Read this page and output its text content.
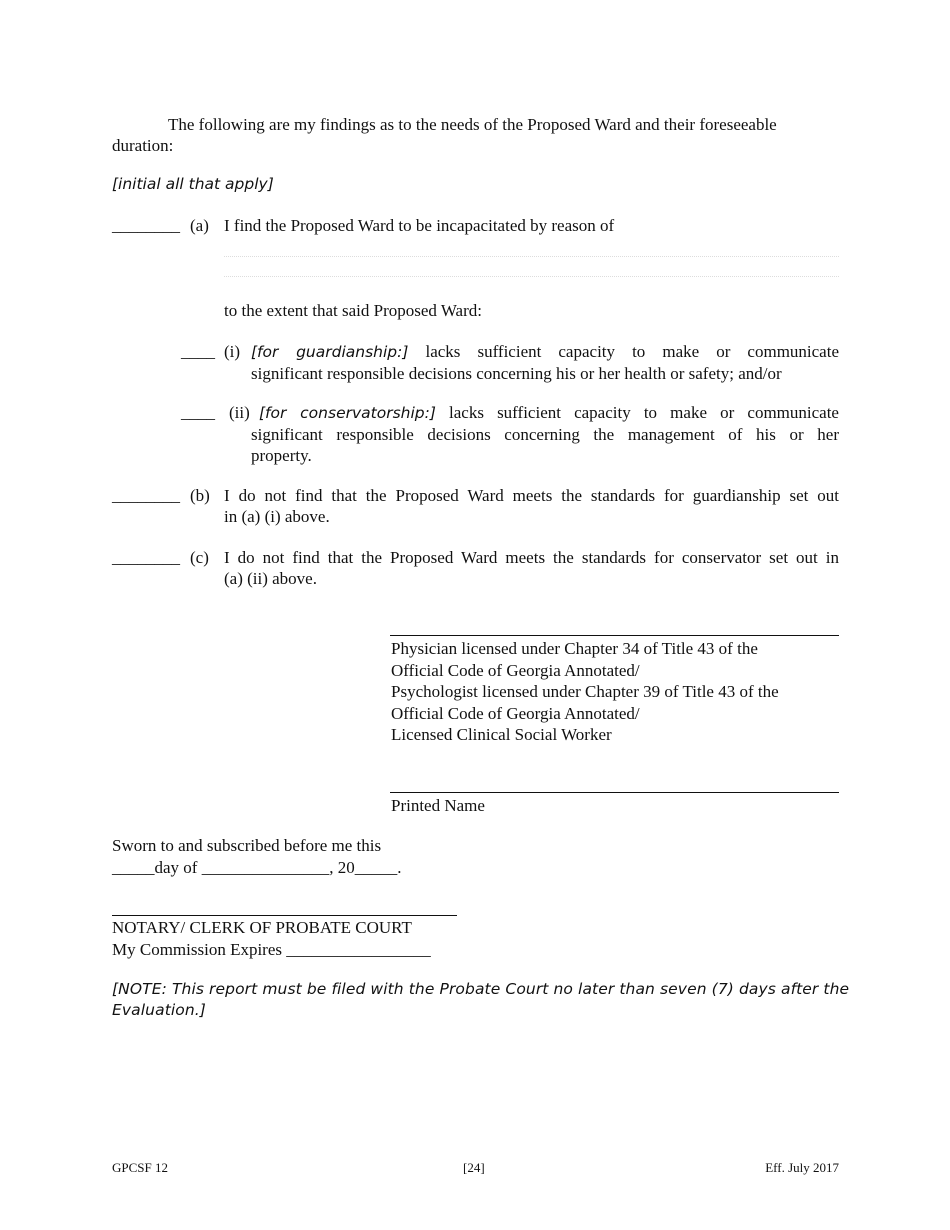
The following are my findings as to the needs of the Proposed Ward and their foreseeable
duration:
[initial all that apply]
________ (a) I find the Proposed Ward to be incapacitated by reason of
to the extent that said Proposed Ward:
____ (i) [for guardianship:] lacks sufficient capacity to make or communicate
significant responsible decisions concerning his or her health or safety; and/or
____ (ii) [for conservatorship:] lacks sufficient capacity to make or communicate
significant responsible decisions concerning the management of his or her
property.
________ (b) I do not find that the Proposed Ward meets the standards for guardianship set out
in (a) (i) above.
________ (c) I do not find that the Proposed Ward meets the standards for conservator set out in
(a) (ii) above.
Physician licensed under Chapter 34 of Title 43 of the
Official Code of Georgia Annotated/
Psychologist licensed under Chapter 39 of Title 43 of the
Official Code of Georgia Annotated/
Licensed Clinical Social Worker
Printed Name
Sworn to and subscribed before me this
_____day of _______________, 20_____.
NOTARY/ CLERK OF PROBATE COURT
My Commission Expires _________________
[NOTE: This report must be filed with the Probate Court no later than seven (7) days after the
Evaluation.]
GPCSF 12	[24]	Eff. July 2017
